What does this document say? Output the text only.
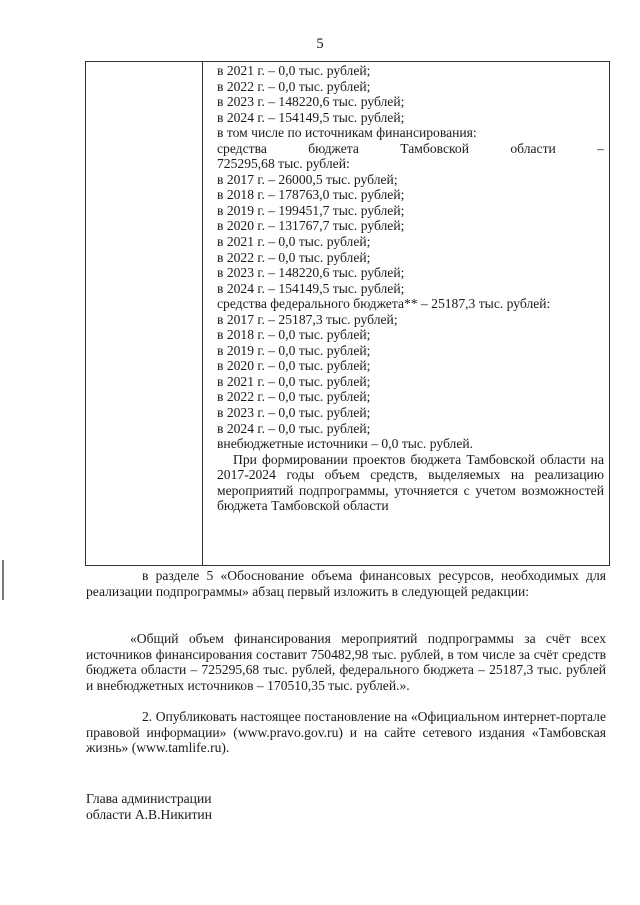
5
в 2021 г. – 0,0 тыс. рублей;
в 2022 г. – 0,0 тыс. рублей;
в 2023 г. – 148220,6 тыс. рублей;
в 2024 г. – 154149,5 тыс. рублей;
в том числе по источникам финансирования:
средства бюджета Тамбовской области –
725295,68 тыс. рублей:
в 2017 г. – 26000,5 тыс. рублей;
в 2018 г. – 178763,0 тыс. рублей;
в 2019 г. – 199451,7 тыс. рублей;
в 2020 г. – 131767,7 тыс. рублей;
в 2021 г. – 0,0 тыс. рублей;
в 2022 г. – 0,0 тыс. рублей;
в 2023 г. – 148220,6 тыс. рублей;
в 2024 г. – 154149,5 тыс. рублей;
средства федерального бюджета** – 25187,3 тыс. рублей:
в 2017 г. – 25187,3 тыс. рублей;
в 2018 г. – 0,0 тыс. рублей;
в 2019 г. – 0,0 тыс. рублей;
в 2020 г. – 0,0 тыс. рублей;
в 2021 г. – 0,0 тыс. рублей;
в 2022 г. – 0,0 тыс. рублей;
в 2023 г. – 0,0 тыс. рублей;
в 2024 г. – 0,0 тыс. рублей;
внебюджетные источники – 0,0 тыс. рублей.
При формировании проектов бюджета Тамбовской области на 2017-2024 годы объем средств, выделяемых на реализацию мероприятий подпрограммы, уточняется с учетом возможностей бюджета Тамбовской области
в разделе 5 «Обоснование объема финансовых ресурсов, необходимых для реализации подпрограммы» абзац первый изложить в следующей редакции:
«Общий объем финансирования мероприятий подпрограммы за счёт всех источников финансирования составит 750482,98 тыс. рублей, в том числе за счёт средств бюджета области – 725295,68 тыс. рублей, федерального бюджета – 25187,3 тыс. рублей и внебюджетных источников – 170510,35 тыс. рублей.».
2. Опубликовать настоящее постановление на «Официальном интернет-портале правовой информации» (www.pravo.gov.ru) и на сайте сетевого издания «Тамбовская жизнь» (www.tamlife.ru).
Глава администрации
области А.В.Никитин
